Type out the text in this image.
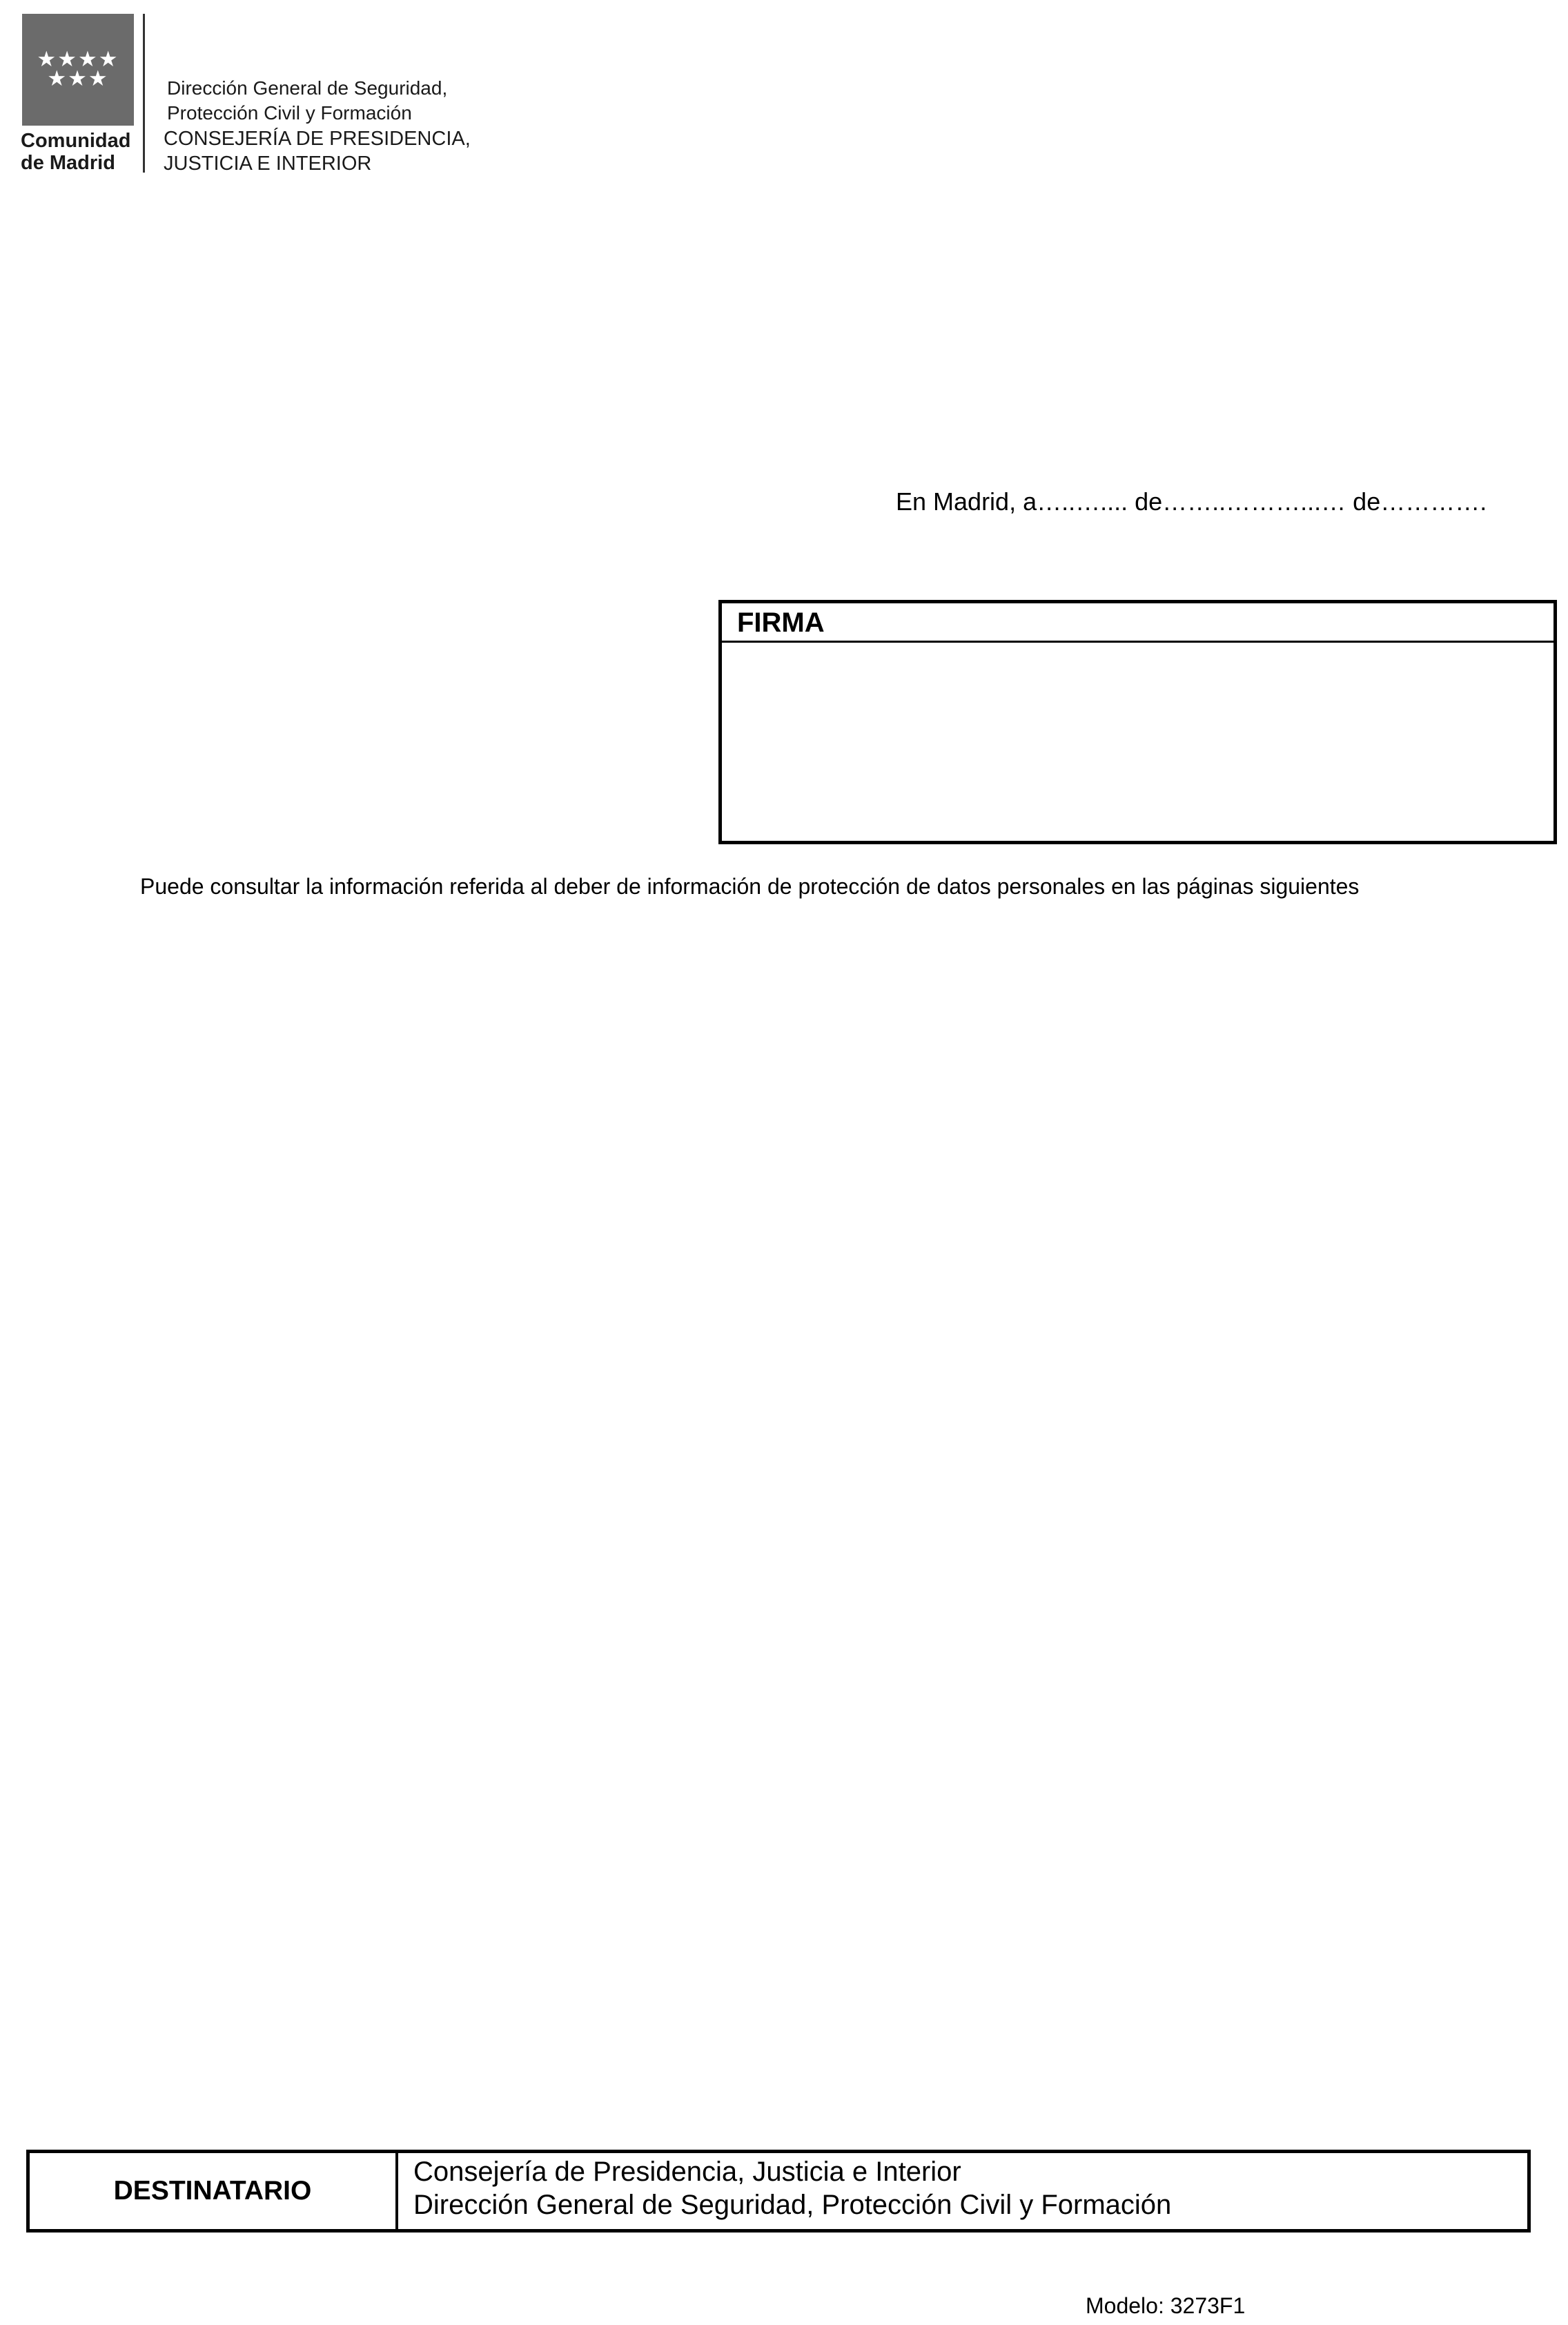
★★★★
★★★
Comunidad
de Madrid
Dirección General de Seguridad,
Protección Civil y Formación
CONSEJERÍA DE PRESIDENCIA,
JUSTICIA E INTERIOR
En Madrid, a…..….... de……..………...… de………….
FIRMA
Puede consultar la información referida al deber de información de protección de datos personales en las páginas siguientes
DESTINATARIO
Consejería de Presidencia, Justicia e Interior
Dirección General de Seguridad, Protección Civil y Formación
Modelo: 3273F1
